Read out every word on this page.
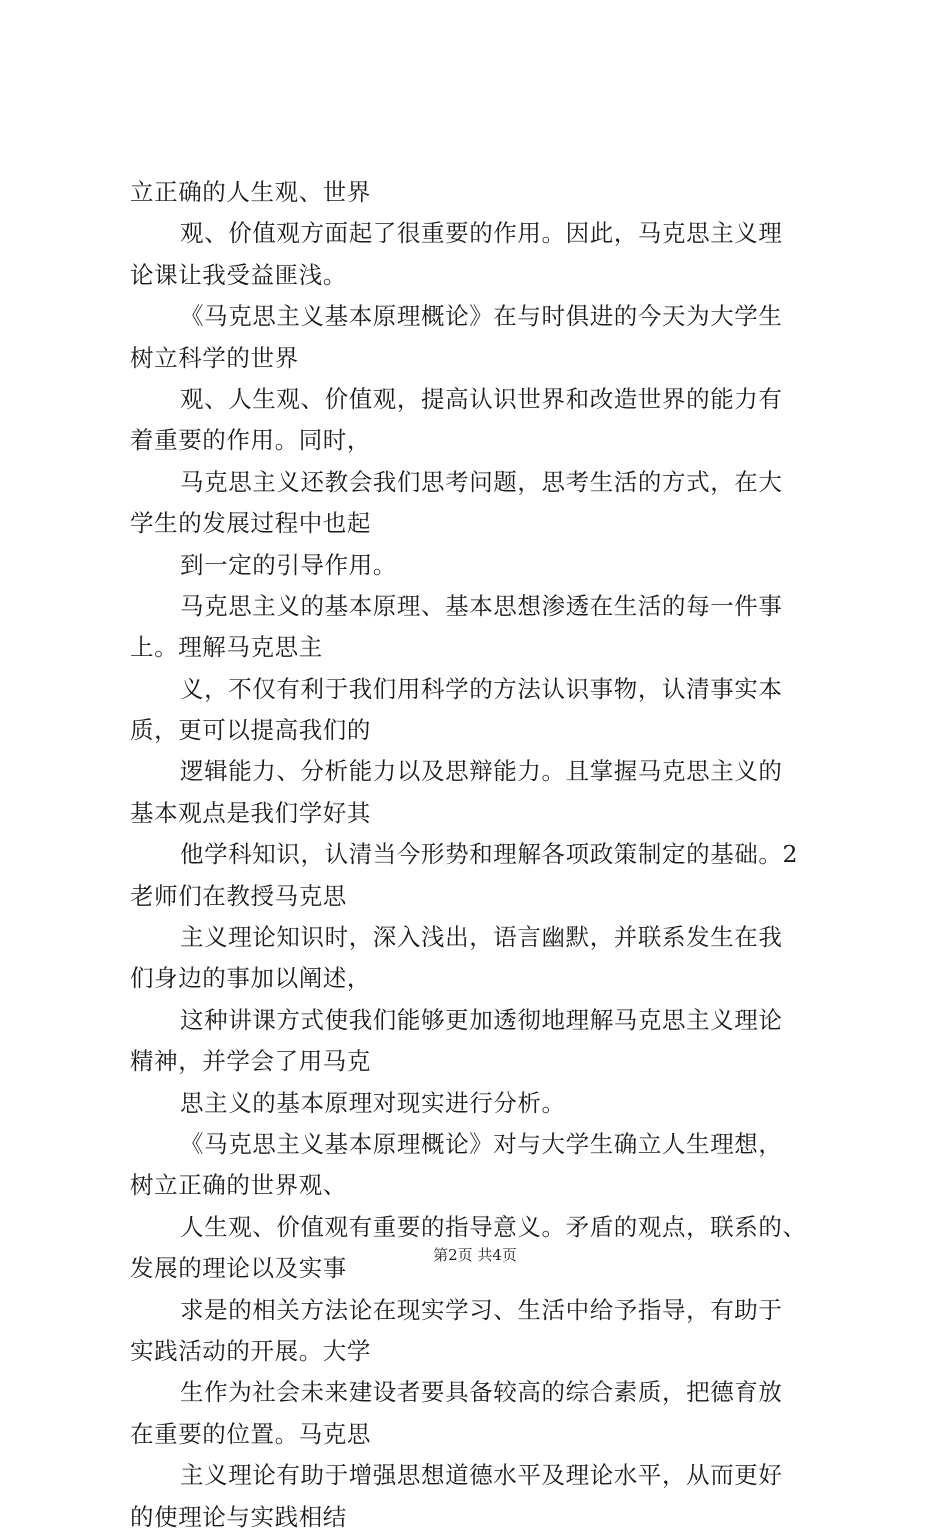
立正确的人生观、世界
观、价值观方面起了很重要的作用。因此，马克思主义理
论课让我受益匪浅。
《马克思主义基本原理概论》在与时俱进的今天为大学生
树立科学的世界
观、人生观、价值观，提高认识世界和改造世界的能力有
着重要的作用。同时，
马克思主义还教会我们思考问题，思考生活的方式，在大
学生的发展过程中也起
到一定的引导作用。
马克思主义的基本原理、基本思想渗透在生活的每一件事
上。理解马克思主
义，不仅有利于我们用科学的方法认识事物，认清事实本
质，更可以提高我们的
逻辑能力、分析能力以及思辩能力。且掌握马克思主义的
基本观点是我们学好其
他学科知识，认清当今形势和理解各项政策制定的基础。2
老师们在教授马克思
主义理论知识时，深入浅出，语言幽默，并联系发生在我
们身边的事加以阐述，
这种讲课方式使我们能够更加透彻地理解马克思主义理论
精神，并学会了用马克
思主义的基本原理对现实进行分析。
《马克思主义基本原理概论》对与大学生确立人生理想，
树立正确的世界观、
人生观、价值观有重要的指导意义。矛盾的观点，联系的、
发展的理论以及实事
求是的相关方法论在现实学习、生活中给予指导，有助于
实践活动的开展。大学
生作为社会未来建设者要具备较高的综合素质，把德育放
在重要的位置。马克思
主义理论有助于增强思想道德水平及理论水平，从而更好
的使理论与实践相结
第2页 共4页
